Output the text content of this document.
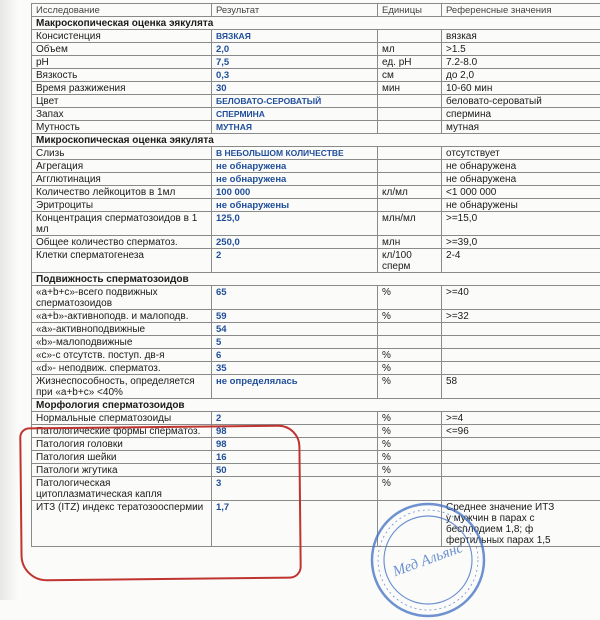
Исследование	Результат	Единицы	Референсные значения
Макроскопическая оценка эякулята			
Консистенция	ВЯЗКАЯ		вязкая
Объем	2,0	мл	>1.5
pH	7,5	ед. pH	7.2-8.0
Вязкость	0,3	см	до 2,0
Время разжижения	30	мин	10-60 мин
Цвет	БЕЛОВАТО-СЕРОВАТЫЙ		беловато-сероватый
Запах	СПЕРМИНА		спермина
Мутность	МУТНАЯ		мутная
Микроскопическая оценка эякулята			
Слизь	В НЕБОЛЬШОМ КОЛИЧЕСТВЕ		отсутствует
Агрегация	не обнаружена		не обнаружена
Агглютинация	не обнаружена		не обнаружена
Количество лейкоцитов в 1мл	100 000	кл/мл	<1 000 000
Эритроциты	не обнаружены		не обнаружены
Концентрация сперматозоидов в 1 мл	125,0	млн/мл	>=15,0
Общее количество сперматоз.	250,0	млн	>=39,0
Клетки сперматогенеза	2	кл/100 сперм	2-4
Подвижность сперматозоидов			
«a+b+c»-всего подвижных сперматозоидов	65	%	>=40
«a+b»-активноподв. и малоподв.	59	%	>=32
«a»-активноподвижные	54		
«b»-малоподвижные	5		
«c»-с отсутств. поступ. дв-я	6	%	
«d»- неподвиж. сперматоз.	35	%	
Жизнеспособность, определяется при «a+b+c» <40%	не определялась	%	58
Морфология сперматозоидов			
Нормальные сперматозоиды	2	%	>=4
Патологические формы сперматоз.	98	%	<=96
Патология головки	98	%	
Патология шейки	16	%	
Патологи жгутика	50	%	
Патологическая цитоплазматическая капля	3	%	
ИТЗ (ITZ) индекс тератозооспермии	1,7		Среднее значение ИТЗ
у мужчин в парах с
бесплодием 1,8; ф
фертильных парах 1,5
Мед Альянс
